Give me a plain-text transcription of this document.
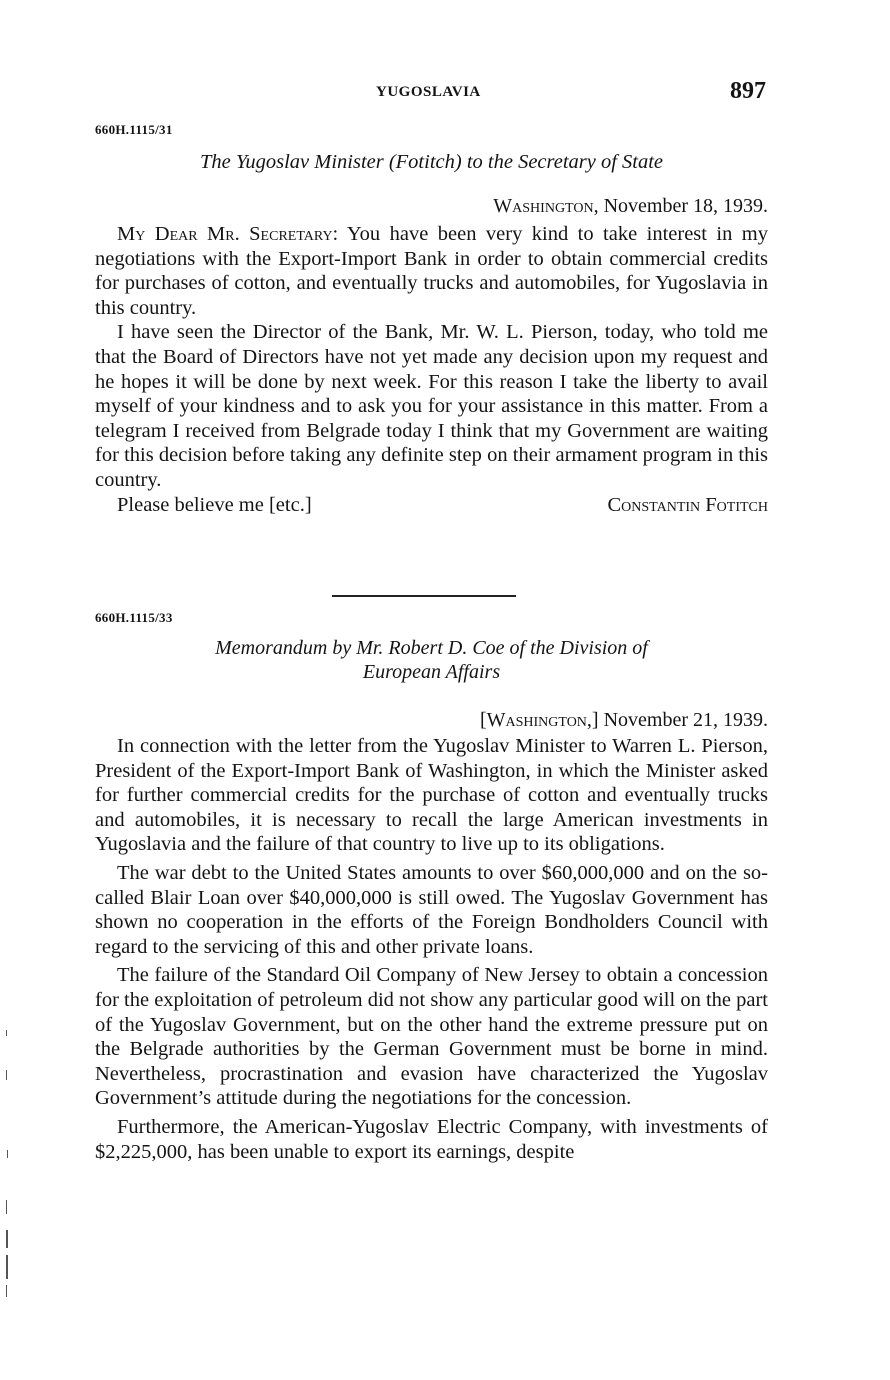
YUGOSLAVIA	897

660H.1115/31

The Yugoslav Minister (Fotitch) to the Secretary of State

Washington, November 18, 1939.

My Dear Mr. Secretary: You have been very kind to take interest in my negotiations with the Export-Import Bank in order to obtain commercial credits for purchases of cotton, and eventually trucks and automobiles, for Yugoslavia in this country.

I have seen the Director of the Bank, Mr. W. L. Pierson, today, who told me that the Board of Directors have not yet made any decision upon my request and he hopes it will be done by next week. For this reason I take the liberty to avail myself of your kindness and to ask you for your assistance in this matter. From a telegram I received from Belgrade today I think that my Government are waiting for this decision before taking any definite step on their armament program in this country.

Please believe me [etc.]	Constantin Fotitch

660H.1115/33

Memorandum by Mr. Robert D. Coe of the Division of

European Affairs

[Washington,] November 21, 1939.

In connection with the letter from the Yugoslav Minister to Warren L. Pierson, President of the Export-Import Bank of Washington, in which the Minister asked for further commercial credits for the purchase of cotton and eventually trucks and automobiles, it is necessary to recall the large American investments in Yugoslavia and the failure of that country to live up to its obligations.

The war debt to the United States amounts to over $60,000,000 and on the so-called Blair Loan over $40,000,000 is still owed. The Yugoslav Government has shown no cooperation in the efforts of the Foreign Bondholders Council with regard to the servicing of this and other private loans.

The failure of the Standard Oil Company of New Jersey to obtain a concession for the exploitation of petroleum did not show any particular good will on the part of the Yugoslav Government, but on the other hand the extreme pressure put on the Belgrade authorities by the German Government must be borne in mind. Nevertheless, procrastination and evasion have characterized the Yugoslav Government’s attitude during the negotiations for the concession.

Furthermore, the American-Yugoslav Electric Company, with investments of $2,225,000, has been unable to export its earnings, despite
